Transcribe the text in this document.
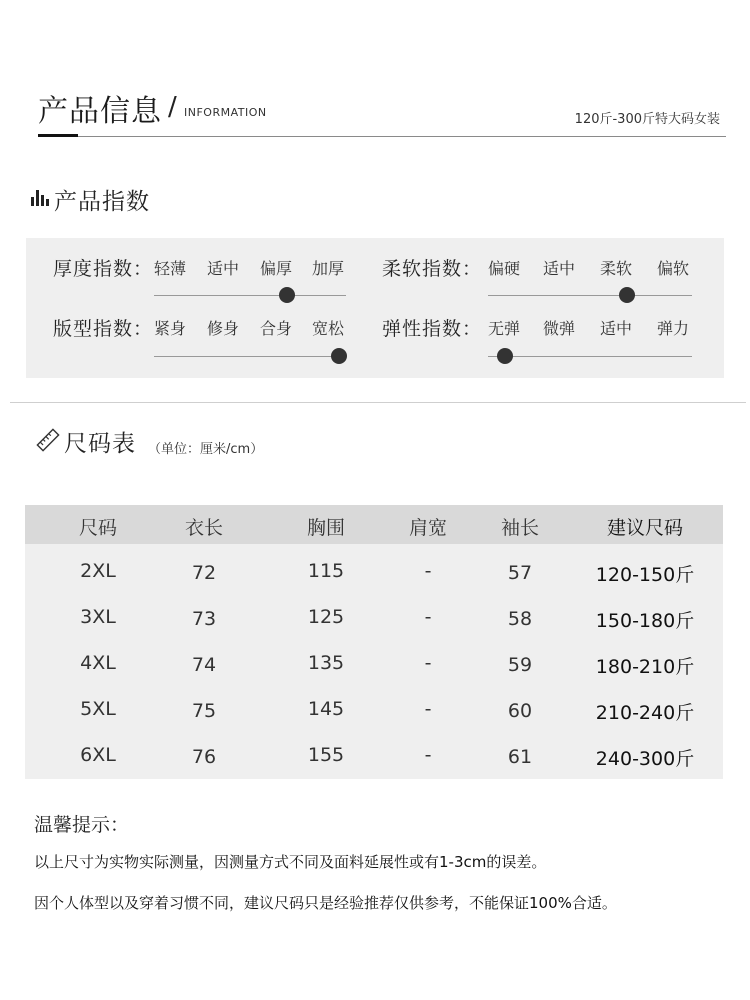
产品信息 / INFORMATION	120斤-300斤特大码女装
产品指数
厚度指数： 轻薄 适中 偏厚 加厚 柔软指数： 偏硬 适中 柔软 偏软
版型指数： 紧身 修身 合身 宽松 弹性指数： 无弹 微弹 适中 弹力
尺码表 （单位：厘米/cm）
尺码	衣长	胸围	肩宽	袖长	建议尺码
2XL	72	115	-	57	120-150斤
3XL	73	125	-	58	150-180斤
4XL	74	135	-	59	180-210斤
5XL	75	145	-	60	210-240斤
6XL	76	155	-	61	240-300斤
温馨提示：
以上尺寸为实物实际测量，因测量方式不同及面料延展性或有1-3cm的误差。
因个人体型以及穿着习惯不同，建议尺码只是经验推荐仅供参考，不能保证100%合适。
